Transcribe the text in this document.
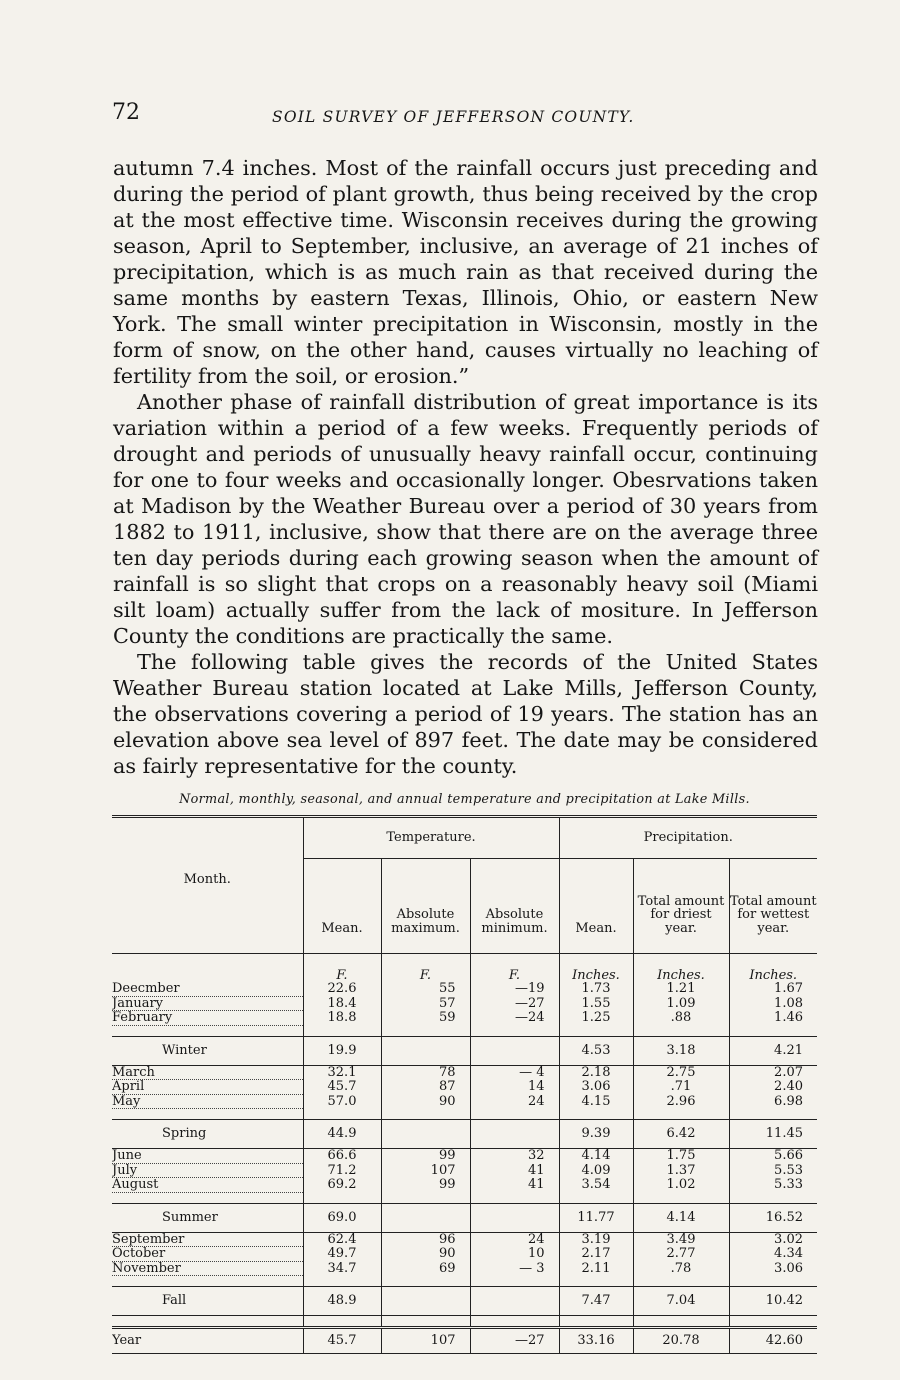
72	SOIL SURVEY OF JEFFERSON COUNTY.

autumn 7.4 inches. Most of the rainfall occurs just preceding and during the period of plant growth, thus being received by the crop at the most effective time. Wisconsin receives during the growing season, April to September, inclusive, an average of 21 inches of precipitation, which is as much rain as that received during the same months by eastern Texas, Illinois, Ohio, or eastern New York. The small winter precipitation in Wisconsin, mostly in the form of snow, on the other hand, causes virtually no leaching of fertility from the soil, or erosion.”

Another phase of rainfall distribution of great importance is its variation within a period of a few weeks. Frequently periods of drought and periods of unusually heavy rainfall occur, continuing for one to four weeks and occasionally longer. Obesrvations taken at Madison by the Weather Bureau over a period of 30 years from 1882 to 1911, inclusive, show that there are on the average three ten day periods during each growing season when the amount of rainfall is so slight that crops on a reasonably heavy soil (Miami silt loam) actually suffer from the lack of mositure. In Jefferson County the conditions are practically the same.

The following table gives the records of the United States Weather Bureau station located at Lake Mills, Jefferson County, the observations covering a period of 19 years. The station has an elevation above sea level of 897 feet. The date may be considered as fairly representative for the county.

Normal, monthly, seasonal, and annual temperature and precipitation at Lake Mills.

Month.	Temperature.			Precipitation.		
	Mean.	Absolute maximum.	Absolute minimum.	Mean.	Total amount for driest year.	Total amount for wettest year.

	F.	F.	F.	Inches.	Inches.	Inches.
Deecmber	22.6	55	—19	1.73	1.21	1.67
January	18.4	57	—27	1.55	1.09	1.08
February	18.8	59	—24	1.25	.88	1.46

Winter	19.9			4.53	3.18	4.21
March	32.1	78	— 4	2.18	2.75	2.07
April	45.7	87	14	3.06	.71	2.40
May	57.0	90	24	4.15	2.96	6.98

Spring	44.9			9.39	6.42	11.45
June	66.6	99	32	4.14	1.75	5.66
July	71.2	107	41	4.09	1.37	5.53
August	69.2	99	41	3.54	1.02	5.33

Summer	69.0			11.77	4.14	16.52
September	62.4	96	24	3.19	3.49	3.02
October	49.7	90	10	2.17	2.77	4.34
November	34.7	69	— 3	2.11	.78	3.06

Fall	48.9			7.47	7.04	10.42

Year	45.7	107	—27	33.16	20.78	42.60
